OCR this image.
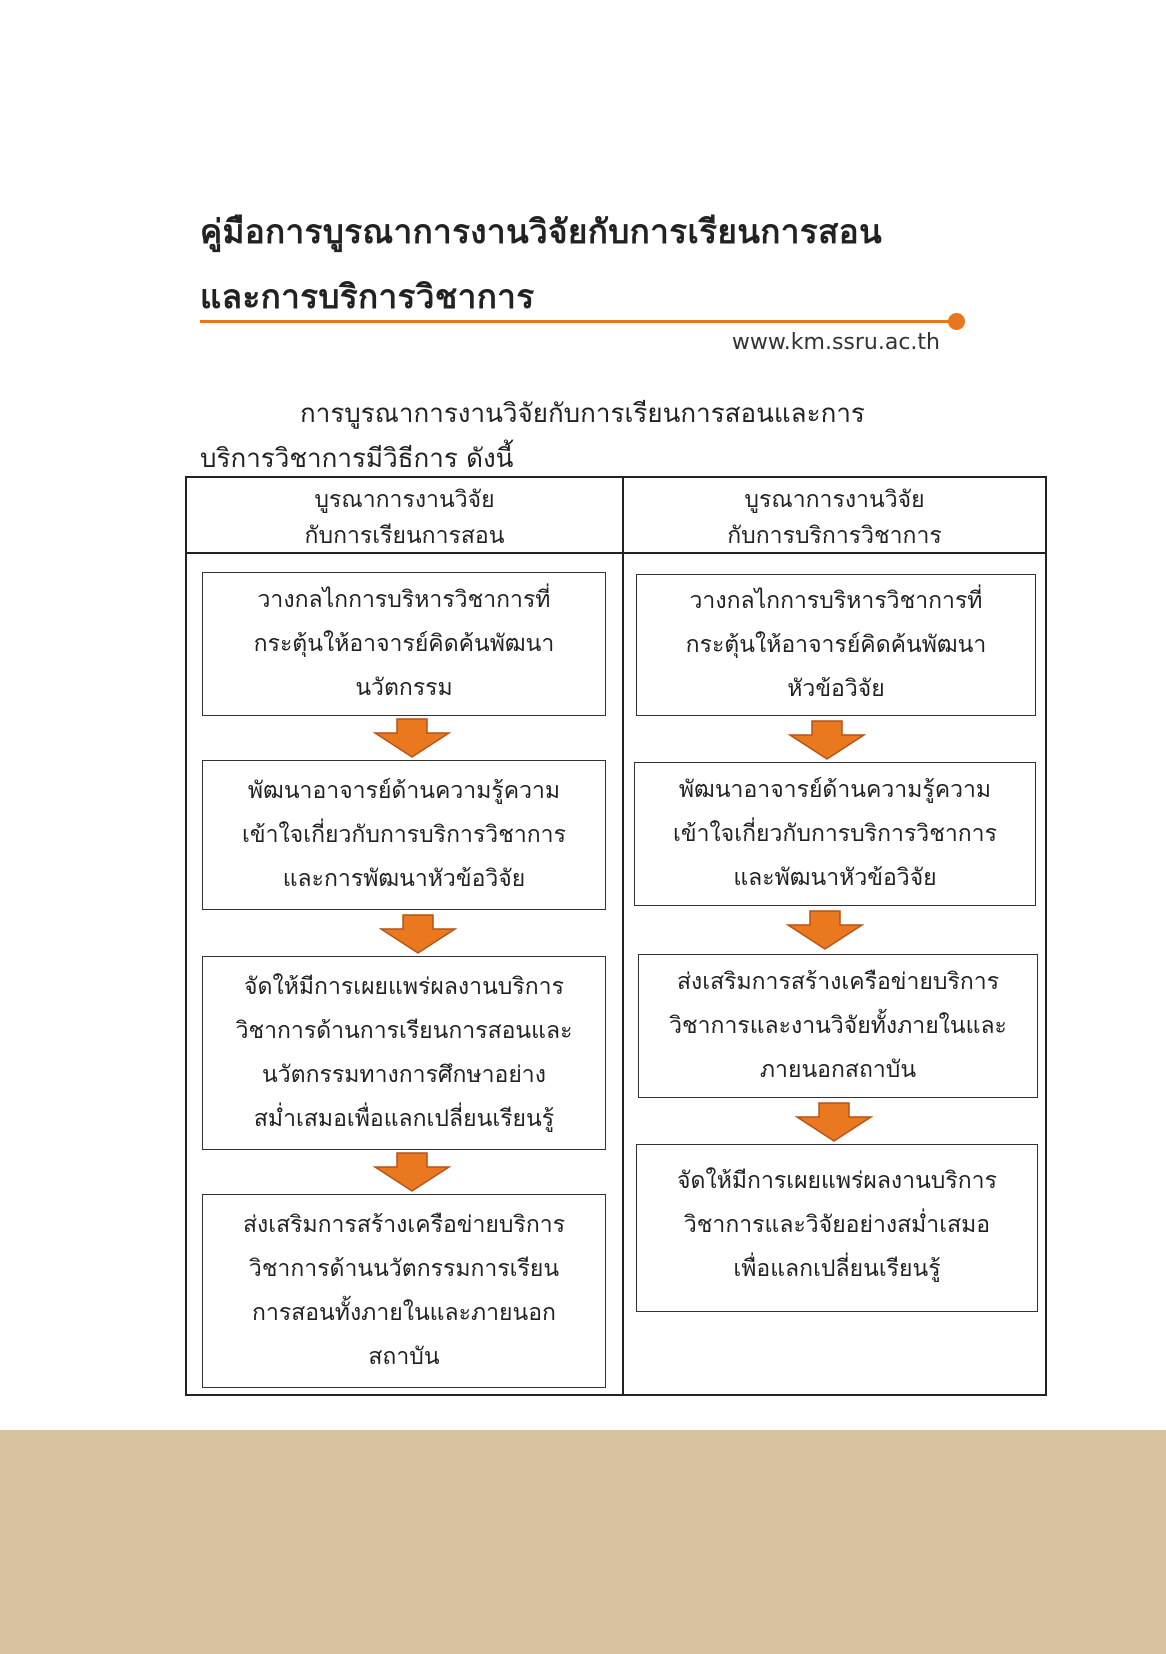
คู่มือการบูรณาการงานวิจัยกับการเรียนการสอน
และการบริการวิชาการ
www.km.ssru.ac.th
การบูรณาการงานวิจัยกับการเรียนการสอนและการ
บริการวิชาการมีวิธีการ ดังนี้
บูรณาการงานวิจัย
กับการเรียนการสอน
บูรณาการงานวิจัย
กับการบริการวิชาการ
วางกลไกการบริหารวิชาการที่
กระตุ้นให้อาจารย์คิดค้นพัฒนา
นวัตกรรม
พัฒนาอาจารย์ด้านความรู้ความ
เข้าใจเกี่ยวกับการบริการวิชาการ
และการพัฒนาหัวข้อวิจัย
จัดให้มีการเผยแพร่ผลงานบริการ
วิชาการด้านการเรียนการสอนและ
นวัตกรรมทางการศึกษาอย่าง
สม่ำเสมอเพื่อแลกเปลี่ยนเรียนรู้
ส่งเสริมการสร้างเครือข่ายบริการ
วิชาการด้านนวัตกรรมการเรียน
การสอนทั้งภายในและภายนอก
สถาบัน
วางกลไกการบริหารวิชาการที่
กระตุ้นให้อาจารย์คิดค้นพัฒนา
หัวข้อวิจัย
พัฒนาอาจารย์ด้านความรู้ความ
เข้าใจเกี่ยวกับการบริการวิชาการ
และพัฒนาหัวข้อวิจัย
ส่งเสริมการสร้างเครือข่ายบริการ
วิชาการและงานวิจัยทั้งภายในและ
ภายนอกสถาบัน
จัดให้มีการเผยแพร่ผลงานบริการ
วิชาการและวิจัยอย่างสม่ำเสมอ
เพื่อแลกเปลี่ยนเรียนรู้
